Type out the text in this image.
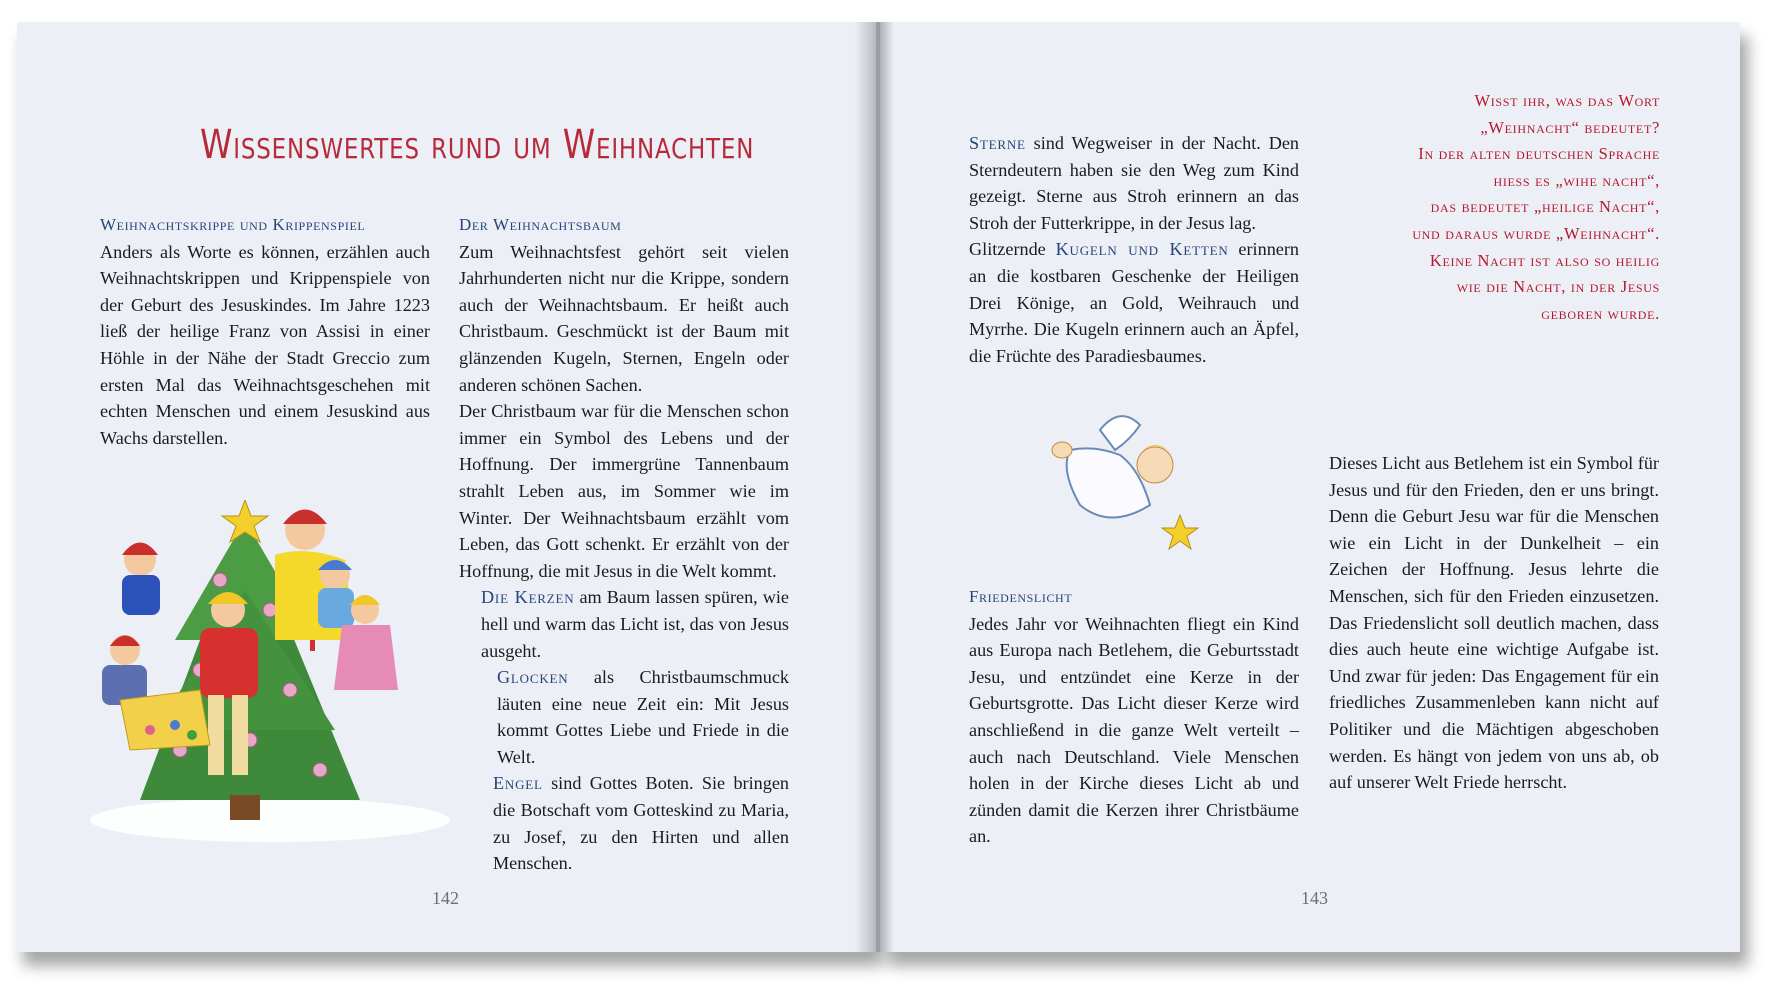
Wissenswertes rund um Weihnachten

Weihnachtskrippe und Krippenspiel

Anders als Worte es können, erzählen auch Weihnachtskrippen und Krippenspiele von der Geburt des Jesuskindes. Im Jahre 1223 ließ der heilige Franz von Assisi in einer Höhle in der Nähe der Stadt Greccio zum ersten Mal das Weihnachtsgeschehen mit echten Menschen und einem Jesuskind aus Wachs darstellen.

Der Weihnachtsbaum

Zum Weihnachtsfest gehört seit vielen Jahrhunderten nicht nur die Krippe, sondern auch der Weihnachtsbaum. Er heißt auch Christbaum. Geschmückt ist der Baum mit glänzenden Kugeln, Sternen, Engeln oder anderen schönen Sachen.

Der Christbaum war für die Menschen schon immer ein Symbol des Lebens und der Hoffnung. Der immergrüne Tannenbaum strahlt Leben aus, im Sommer wie im Winter. Der Weihnachtsbaum erzählt vom Leben, das Gott schenkt. Er erzählt von der Hoffnung, die mit Jesus in die Welt kommt.

Die Kerzen am Baum lassen spüren, wie hell und warm das Licht ist, das von Jesus ausgeht.

Glocken als Christbaumschmuck läuten eine neue Zeit ein: Mit Jesus kommt Gottes Liebe und Friede in die Welt.

Engel sind Gottes Boten. Sie bringen die Botschaft vom Gotteskind zu Maria, zu Josef, zu den Hirten und allen Menschen.

142

Sterne sind Wegweiser in der Nacht. Den Sterndeutern haben sie den Weg zum Kind gezeigt. Sterne aus Stroh erinnern an das Stroh der Futterkrippe, in der Jesus lag.

Glitzernde Kugeln und Ketten erinnern an die kostbaren Geschenke der Heiligen Drei Könige, an Gold, Weihrauch und Myrrhe. Die Kugeln erinnern auch an Äpfel, die Früchte des Paradiesbaumes.

Wisst ihr, was das Wort
„Weihnacht“ bedeutet?
In der alten deutschen Sprache
hiess es „wihe nacht“,
das bedeutet „heilige Nacht“,
und daraus wurde „Weihnacht“.
Keine Nacht ist also so heilig
wie die Nacht, in der Jesus
geboren wurde.

Friedenslicht

Jedes Jahr vor Weihnachten fliegt ein Kind aus Europa nach Betlehem, die Geburtsstadt Jesu, und entzündet eine Kerze in der Geburtsgrotte. Das Licht dieser Kerze wird anschließend in die ganze Welt verteilt – auch nach Deutschland. Viele Menschen holen in der Kirche dieses Licht ab und zünden damit die Kerzen ihrer Christbäume an.

Dieses Licht aus Betlehem ist ein Symbol für Jesus und für den Frieden, den er uns bringt. Denn die Geburt Jesu war für die Menschen wie ein Licht in der Dunkelheit – ein Zeichen der Hoffnung. Jesus lehrte die Menschen, sich für den Frieden einzusetzen. Das Friedenslicht soll deutlich machen, dass dies auch heute eine wichtige Aufgabe ist. Und zwar für jeden: Das Engagement für ein friedliches Zusammenleben kann nicht auf Politiker und die Mächtigen abgeschoben werden. Es hängt von jedem von uns ab, ob auf unserer Welt Friede herrscht.

143
